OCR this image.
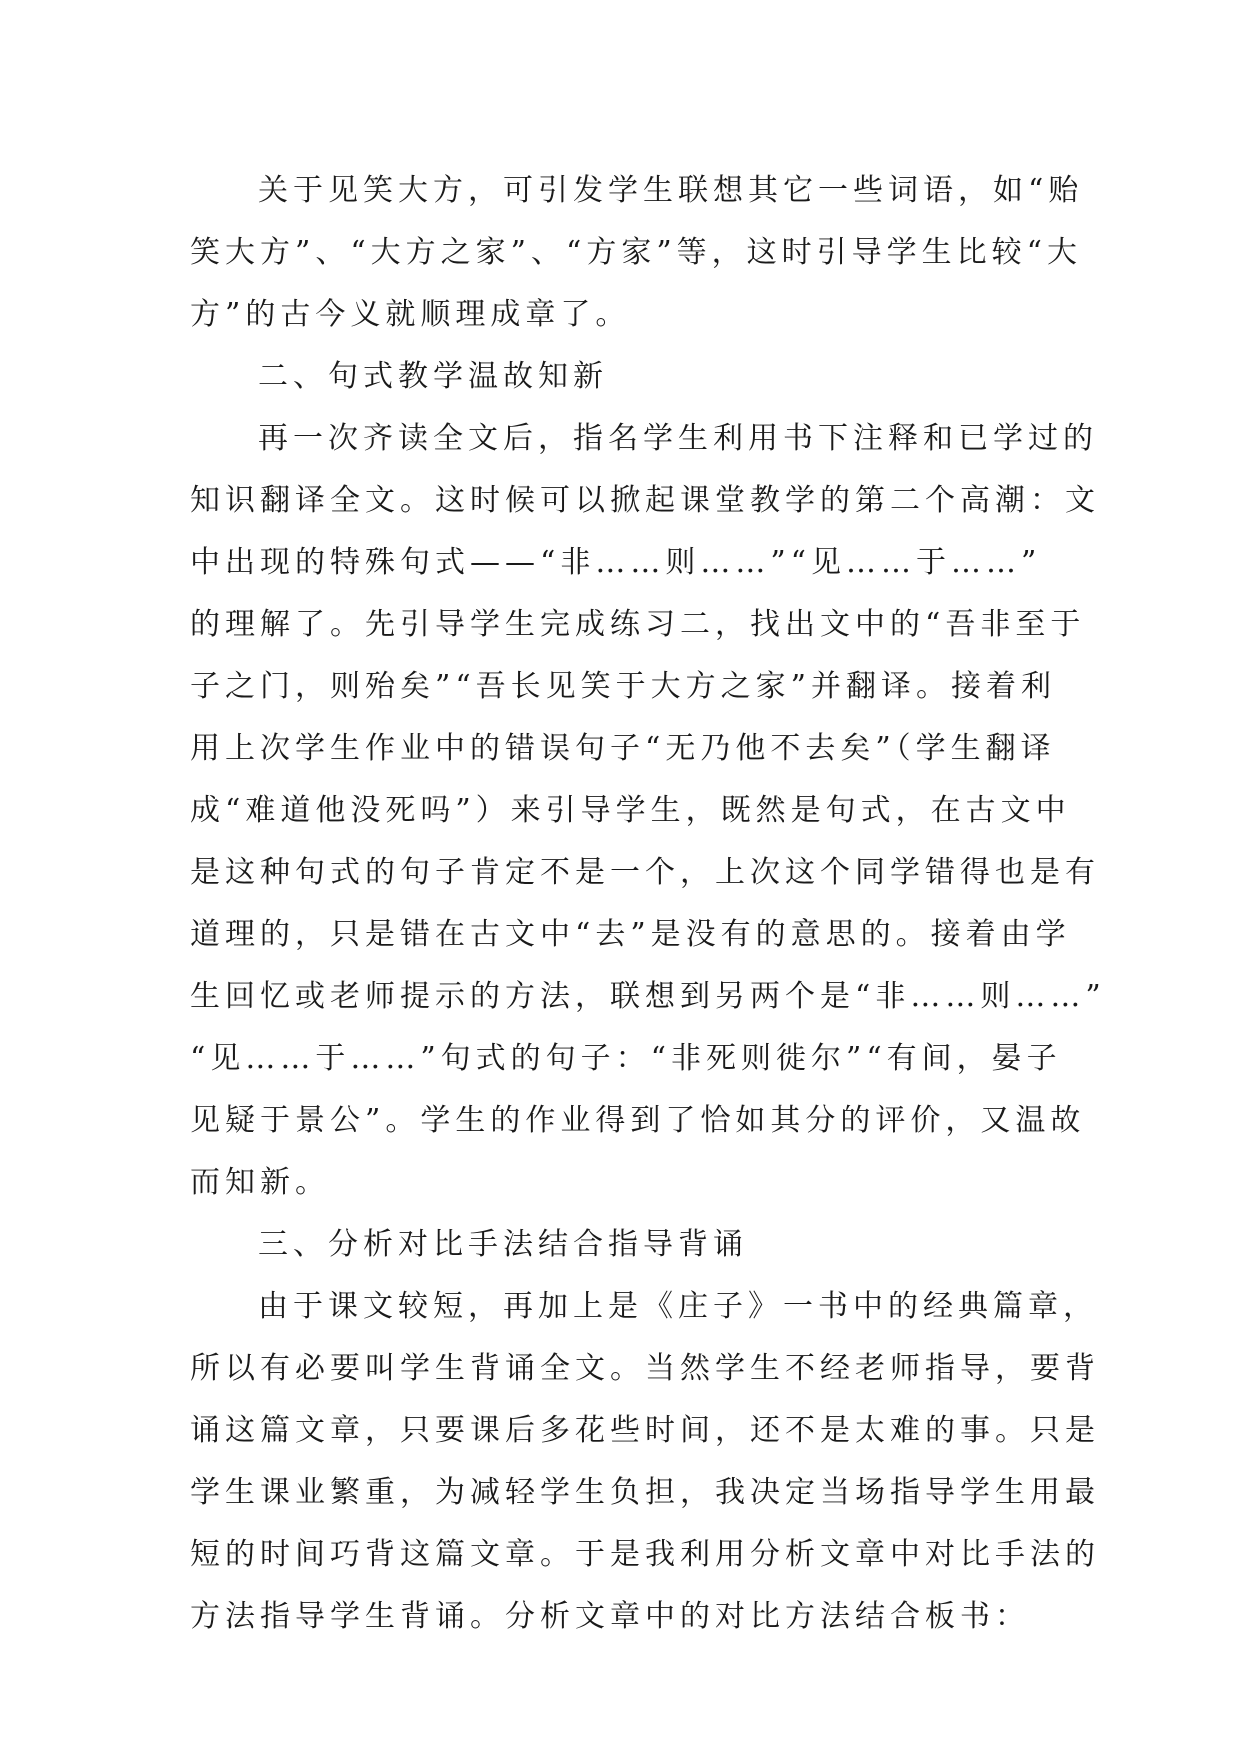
关于见笑大方，可引发学生联想其它一些词语，如“贻
笑大方”、“大方之家”、“方家”等，这时引导学生比较“大
方”的古今义就顺理成章了。
二、句式教学温故知新
再一次齐读全文后，指名学生利用书下注释和已学过的
知识翻译全文。这时候可以掀起课堂教学的第二个高潮：文
中出现的特殊句式——“非……则……”“见……于……”
的理解了。先引导学生完成练习二，找出文中的“吾非至于
子之门，则殆矣”“吾长见笑于大方之家”并翻译。接着利
用上次学生作业中的错误句子“无乃他不去矣”（学生翻译
成“难道他没死吗”）来引导学生，既然是句式，在古文中
是这种句式的句子肯定不是一个，上次这个同学错得也是有
道理的，只是错在古文中“去”是没有的意思的。接着由学
生回忆或老师提示的方法，联想到另两个是“非……则……”
“见……于……”句式的句子：“非死则徙尔”“有间，晏子
见疑于景公”。学生的作业得到了恰如其分的评价，又温故
而知新。
三、分析对比手法结合指导背诵
由于课文较短，再加上是《庄子》一书中的经典篇章，
所以有必要叫学生背诵全文。当然学生不经老师指导，要背
诵这篇文章，只要课后多花些时间，还不是太难的事。只是
学生课业繁重，为减轻学生负担，我决定当场指导学生用最
短的时间巧背这篇文章。于是我利用分析文章中对比手法的
方法指导学生背诵。分析文章中的对比方法结合板书：
